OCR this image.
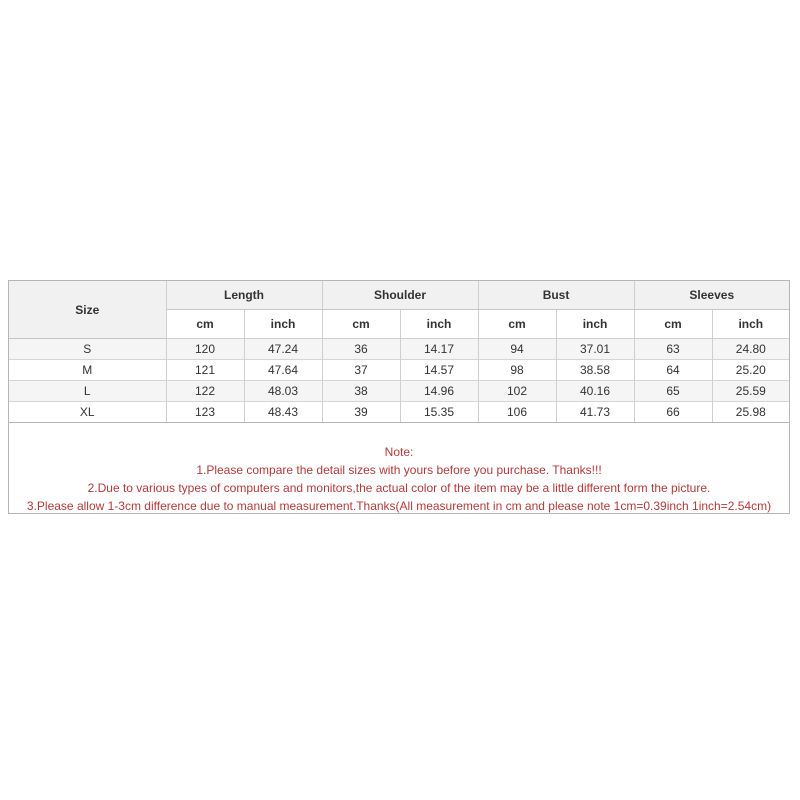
Size	Length		Shoulder		Bust		Sleeves	
	cm	inch	cm	inch	cm	inch	cm	inch
S	120	47.24	36	14.17	94	37.01	63	24.80
M	121	47.64	37	14.57	98	38.58	64	25.20
L	122	48.03	38	14.96	102	40.16	65	25.59
XL	123	48.43	39	15.35	106	41.73	66	25.98
Note:
1.Please compare the detail sizes with yours before you purchase. Thanks!!!
2.Due to various types of computers and monitors,the actual color of the item may be a little different form the picture.
3.Please allow 1-3cm difference due to manual measurement.Thanks(All measurement in cm and please note 1cm=0.39inch 1inch=2.54cm)
